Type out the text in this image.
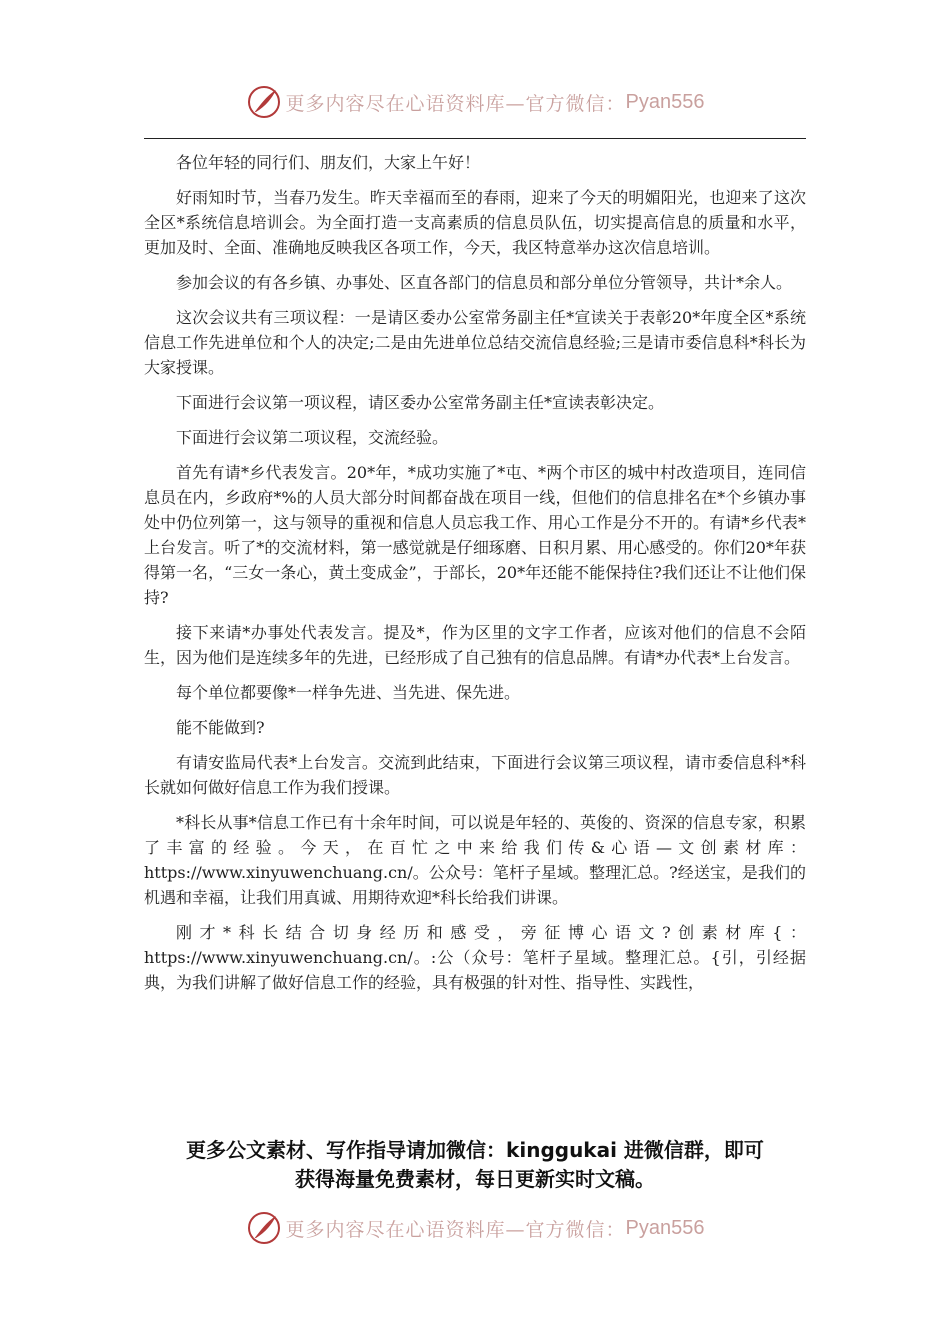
更多内容尽在心语资料库—官方微信： Pyan556

各位年轻的同行们、朋友们，大家上午好！

好雨知时节，当春乃发生。昨天幸福而至的春雨，迎来了今天的明媚阳光，也迎来了这次全区*系统信息培训会。为全面打造一支高素质的信息员队伍，切实提高信息的质量和水平，更加及时、全面、准确地反映我区各项工作，今天，我区特意举办这次信息培训。

参加会议的有各乡镇、办事处、区直各部门的信息员和部分单位分管领导，共计*余人。

这次会议共有三项议程：一是请区委办公室常务副主任*宣读关于表彰20*年度全区*系统信息工作先进单位和个人的决定;二是由先进单位总结交流信息经验;三是请市委信息科*科长为大家授课。

下面进行会议第一项议程，请区委办公室常务副主任*宣读表彰决定。

下面进行会议第二项议程，交流经验。

首先有请*乡代表发言。20*年，*成功实施了*屯、*两个市区的城中村改造项目，连同信息员在内，乡政府*%的人员大部分时间都奋战在项目一线，但他们的信息排名在*个乡镇办事处中仍位列第一，这与领导的重视和信息人员忘我工作、用心工作是分不开的。有请*乡代表*上台发言。听了*的交流材料，第一感觉就是仔细琢磨、日积月累、用心感受的。你们20*年获得第一名，“三女一条心，黄土变成金”，于部长，20*年还能不能保持住?我们还让不让他们保持?

接下来请*办事处代表发言。提及*，作为区里的文字工作者，应该对他们的信息不会陌生，因为他们是连续多年的先进，已经形成了自己独有的信息品牌。有请*办代表*上台发言。

每个单位都要像*一样争先进、当先进、保先进。

能不能做到?

有请安监局代表*上台发言。交流到此结束，下面进行会议第三项议程，请市委信息科*科长就如何做好信息工作为我们授课。

*科长从事*信息工作已有十余年时间，可以说是年轻的、英俊的、资深的信息专家，积累了丰富的经验。今天，在百忙之中来给我们传&心语—文创素材库：https://www.xinyuwenchuang.cn/。公众号：笔杆子星域。整理汇总。?经送宝，是我们的机遇和幸福，让我们用真诚、用期待欢迎*科长给我们讲课。

刚才*科长结合切身经历和感受，旁征博心语文?创素材库{：https://www.xinyuwenchuang.cn/。:公（众号：笔杆子星域。整理汇总。{引，引经据典，为我们讲解了做好信息工作的经验，具有极强的针对性、指导性、实践性，

更多公文素材、写作指导请加微信：kinggukai 进微信群，即可
获得海量免费素材，每日更新实时文稿。
更多内容尽在心语资料库—官方微信： Pyan556
